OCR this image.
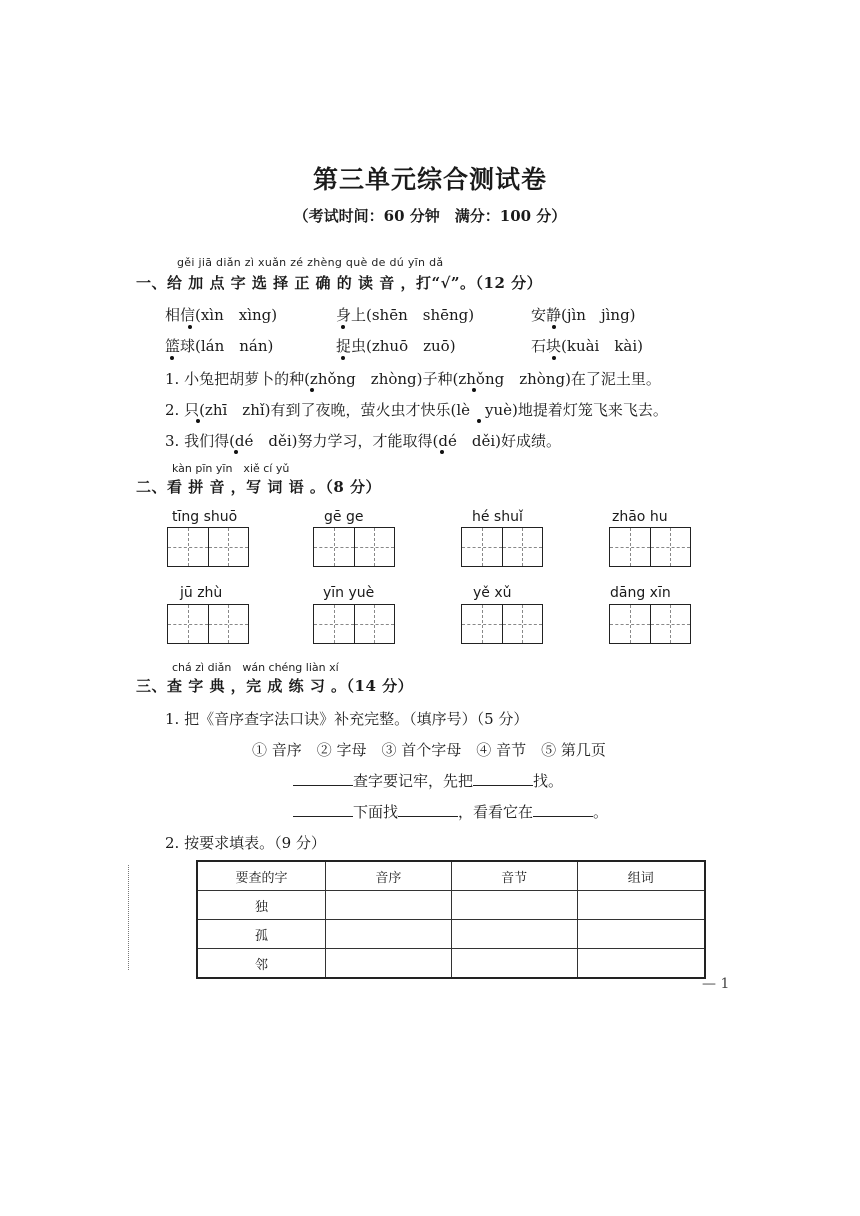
第三单元综合测试卷
（考试时间：60 分钟　满分：100 分）
gěi jiā diǎn zì xuǎn zé zhèng què de dú yīn dǎ
一、给 加 点 字 选 择 正 确 的 读 音 ，打“√”。（12 分）
相信(xìn　xìng)	身上(shēn　shēng)	安静(jìn　jìng)
篮球(lán　nán)	捉虫(zhuō　zuō)	石块(kuài　kài)
1. 小兔把胡萝卜的种(zhǒng　zhòng)子种(zhǒng　zhòng)在了泥土里。
2. 只(zhī　zhǐ)有到了夜晚，萤火虫才快乐(lè　yuè)地提着灯笼飞来飞去。
3. 我们得(dé　děi)努力学习，才能取得(dé　děi)好成绩。
kàn pīn yīn　xiě cí yǔ
二、看 拼 音 ，写 词 语 。（8 分）
tīng shuō	gē ge	hé shuǐ	zhāo hu
jū zhù	yīn yuè	yě xǔ	dāng xīn
chá zì diǎn　wán chéng liàn xí
三、查 字 典 ，完 成 练 习 。（14 分）
1. 把《音序查字法口诀》补充完整。（填序号）（5 分）
① 音序　② 字母　③ 首个字母　④ 音节　⑤ 第几页
查字要记牢，先把	找。
下面找	，看看它在	。
2. 按要求填表。（9 分）
要查的字	音序	音节	组词
独			
孤			
邻			
— 1
